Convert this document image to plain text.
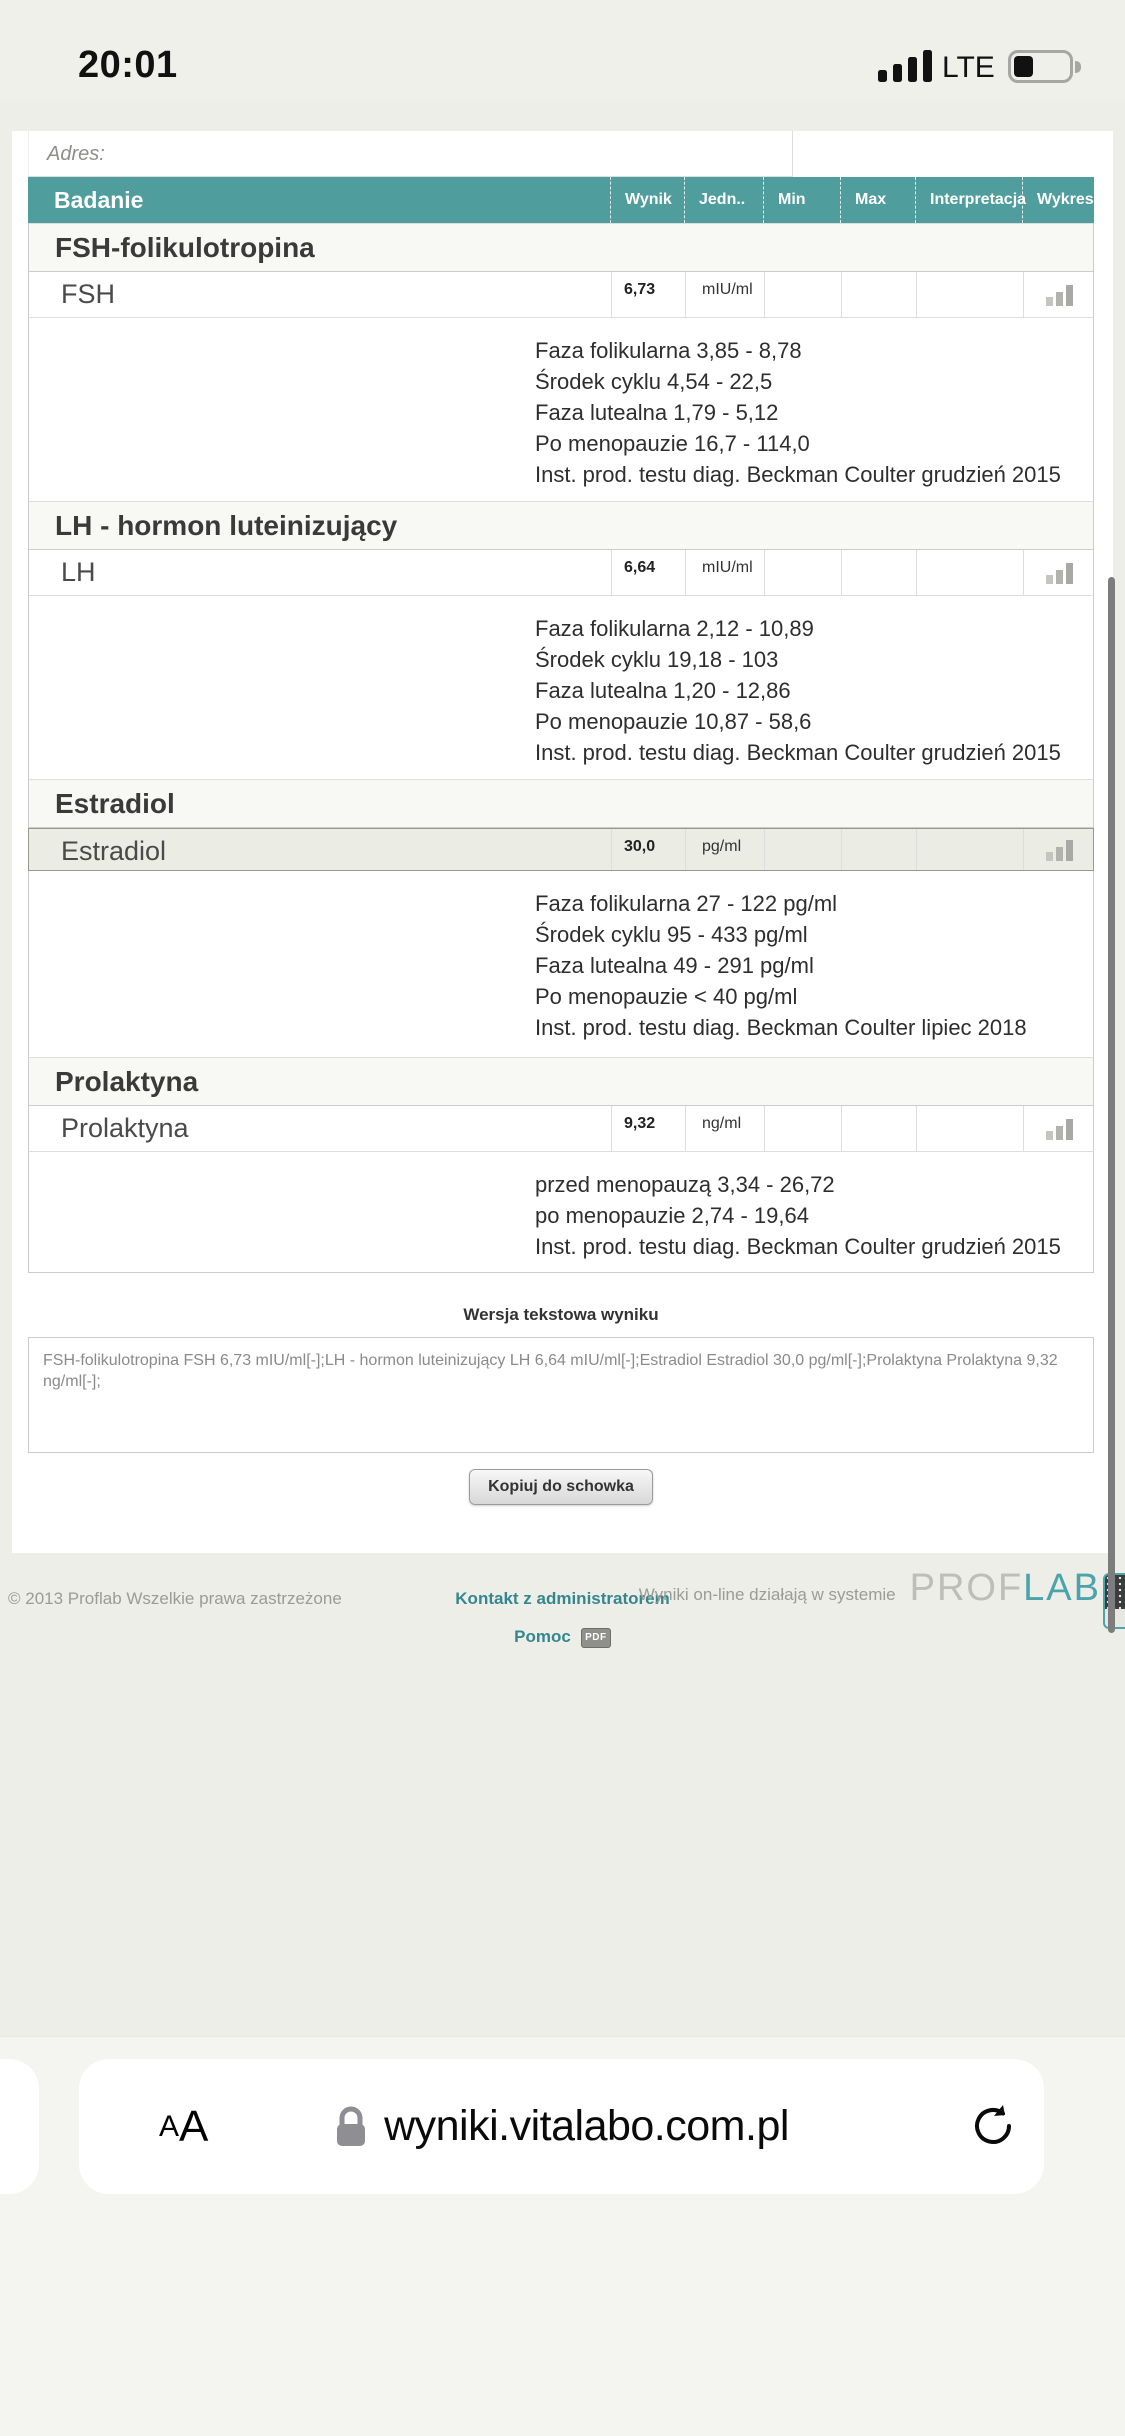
20:01	LTE
Adres:
Badanie	Wynik	Jedn..	Min	Max	Interpretacja Wykres
FSH-folikulotropina
FSH	6,73	mIU/ml

Faza folikularna 3,85 - 8,78

Środek cyklu 4,54 - 22,5

Faza lutealna 1,79 - 5,12

Po menopauzie 16,7 - 114,0

Inst. prod. testu diag. Beckman Coulter grudzień 2015

LH - hormon luteinizujący
LH	6,64	mIU/ml

Faza folikularna 2,12 - 10,89

Środek cyklu 19,18 - 103

Faza lutealna 1,20 - 12,86

Po menopauzie 10,87 - 58,6

Inst. prod. testu diag. Beckman Coulter grudzień 2015

Estradiol
Estradiol	30,0	pg/ml

Faza folikularna 27 - 122 pg/ml

Środek cyklu 95 - 433 pg/ml

Faza lutealna 49 - 291 pg/ml

Po menopauzie < 40 pg/ml

Inst. prod. testu diag. Beckman Coulter lipiec 2018

Prolaktyna
Prolaktyna	9,32	ng/ml

przed menopauzą 3,34 - 26,72

po menopauzie 2,74 - 19,64

Inst. prod. testu diag. Beckman Coulter grudzień 2015

Wersja tekstowa wyniku
FSH-folikulotropina FSH 6,73 mIU/ml[-];LH - hormon luteinizujący LH 6,64 mIU/ml[-];Estradiol Estradiol 30,0 pg/ml[-];Prolaktyna Prolaktyna 9,32 ng/ml[-];
Kopiuj do schowka
© 2013 Proflab Wszelkie prawa zastrzeżone	Kontakt z administratorem
Pomoc PDF
Wyniki on-line działają w systemie PROFLAB
A A	wyniki.vitalabo.com.pl
